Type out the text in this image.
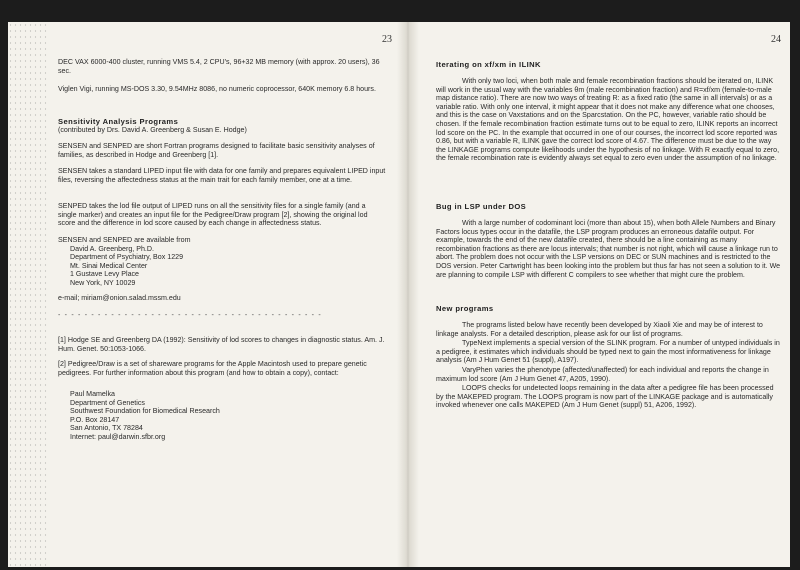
23

DEC VAX 6000-400 cluster, running VMS 5.4, 2 CPU's, 96+32 MB memory (with approx. 20 users), 36 sec.

Viglen Vigi, running MS-DOS 3.30, 9.54MHz 8086, no numeric coprocessor, 640K memory 6.8 hours.

Sensitivity Analysis Programs
(contributed by Drs. David A. Greenberg & Susan E. Hodge)
SENSEN and SENPED are short Fortran programs designed to facilitate basic sensitivity analyses of families, as described in Hodge and Greenberg [1].
SENSEN takes a standard LIPED input file with data for one family and prepares equivalent LIPED input files, reversing the affectedness status at the main trait for each family member, one at a time.
SENPED takes the lod file output of LIPED runs on all the sensitivity files for a single family (and a single marker) and creates an input file for the Pedigree/Draw program [2], showing the original lod score and the difference in lod score caused by each change in affectedness status.

SENSEN and SENPED are available from

David A. Greenberg, Ph.D.

Department of Psychiatry, Box 1229

Mt. Sinai Medical Center

1 Gustave Levy Place

New York, NY 10029

e-mail; miriam@onion.salad.mssm.edu
- - - - - - - - - - - - - - - - - - - - - - - - - - - - - - - - - - - - - - - -
[1] Hodge SE and Greenberg DA (1992): Sensitivity of lod scores to changes in diagnostic status. Am. J. Hum. Genet. 50:1053-1066.
[2] Pedigree/Draw is a set of shareware programs for the Apple Macintosh used to prepare genetic pedigrees. For further information about this program (and how to obtain a copy), contact:

Paul Mamelka

Department of Genetics

Southwest Foundation for Biomedical Research

P.O. Box 28147

San Antonio, TX 78284

Internet: paul@darwin.sfbr.org

24
Iterating on xf/xm in ILINK
With only two loci, when both male and female recombination fractions should be iterated on, ILINK will work in the usual way with the variables θm (male recombination fraction) and R=xf/xm (female-to-male map distance ratio). There are now two ways of treating R: as a fixed ratio (the same in all intervals) or as a variable ratio. With only one interval, it might appear that it does not make any difference what one chooses, and this is the case on Vaxstations and on the Sparcstation. On the PC, however, variable ratio should be chosen. If the female recombination fraction estimate turns out to be equal to zero, ILINK reports an incorrect lod score on the PC. In the example that occurred in one of our courses, the incorrect lod score reported was 0.86, but with a variable R, ILINK gave the correct lod score of 4.67. The difference must be due to the way the LINKAGE programs compute likelihoods under the hypothesis of no linkage. With R exactly equal to zero, the female recombination rate is evidently always set equal to zero even under the assumption of no linkage.
Bug in LSP under DOS
With a large number of codominant loci (more than about 15), when both Allele Numbers and Binary Factors locus types occur in the datafile, the LSP program produces an erroneous datafile output. For example, towards the end of the new datafile created, there should be a line containing as many recombination fractions as there are locus intervals; that number is not right, which will cause a linkage run to abort. The problem does not occur with the LSP versions on DEC or SUN machines and is restricted to the DOS version. Peter Cartwright has been looking into the problem but thus far has not seen a solution to it. We are planning to compile LSP with different C compilers to see whether that might cure the problem.
New programs
The programs listed below have recently been developed by Xiaoli Xie and may be of interest to linkage analysts. For a detailed description, please ask for our list of programs.
TypeNext implements a special version of the SLINK program. For a number of untyped individuals in a pedigree, it estimates which individuals should be typed next to gain the most informativeness for linkage analysis (Am J Hum Genet 51 (suppl), A197).
VaryPhen varies the phenotype (affected/unaffected) for each individual and reports the change in maximum lod score (Am J Hum Genet 47, A205, 1990).
LOOPS checks for undetected loops remaining in the data after a pedigree file has been processed by the MAKEPED program. The LOOPS program is now part of the LINKAGE package and is automatically invoked whenever one calls MAKEPED (Am J Hum Genet (suppl) 51, A206, 1992).
